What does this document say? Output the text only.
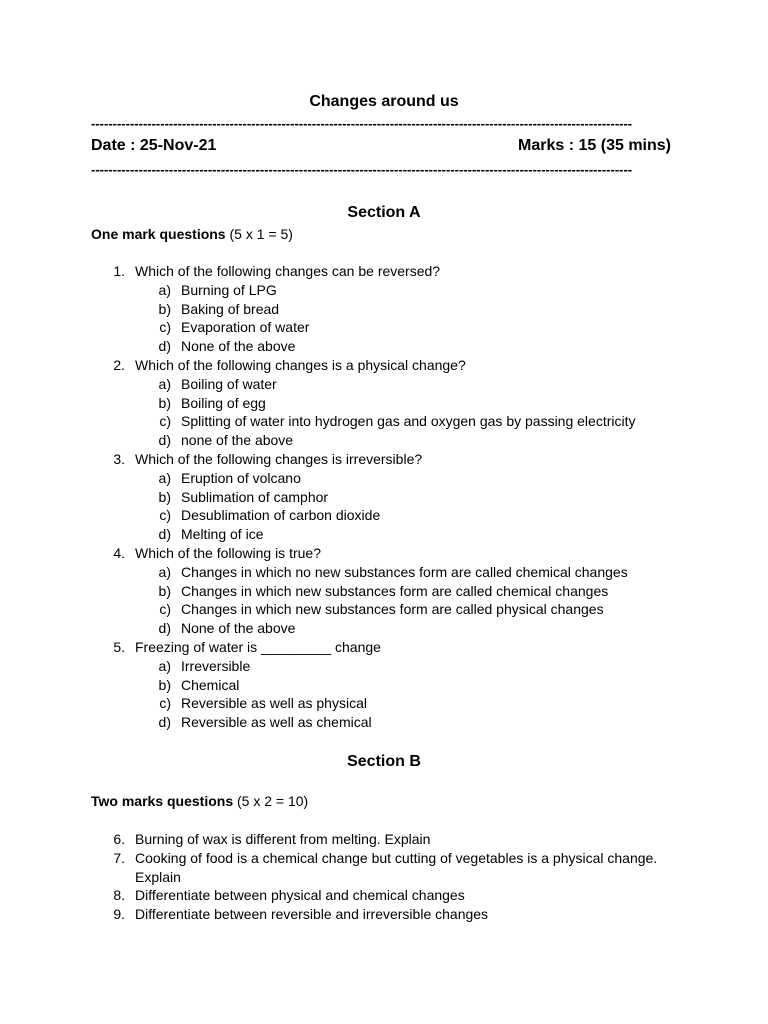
Changes around us
-----------------------------------------------------------------------------------------------------------------------------
Date : 25-Nov-21	Marks : 15 (35 mins)
-----------------------------------------------------------------------------------------------------------------------------
Section A
One mark questions (5 x 1 = 5)
1. Which of the following changes can be reversed?
a) Burning of LPG
b) Baking of bread
c) Evaporation of water
d) None of the above
2. Which of the following changes is a physical change?
a) Boiling of water
b) Boiling of egg
c) Splitting of water into hydrogen gas and oxygen gas by passing electricity
d) none of the above
3. Which of the following changes is irreversible?
a) Eruption of volcano
b) Sublimation of camphor
c) Desublimation of carbon dioxide
d) Melting of ice
4. Which of the following is true?
a) Changes in which no new substances form are called chemical changes
b) Changes in which new substances form are called chemical changes
c) Changes in which new substances form are called physical changes
d) None of the above
5. Freezing of water is _________ change
a) Irreversible
b) Chemical
c) Reversible as well as physical
d) Reversible as well as chemical
Section B
Two marks questions (5 x 2 = 10)
6. Burning of wax is different from melting. Explain
7. Cooking of food is a chemical change but cutting of vegetables is a physical change. Explain
8. Differentiate between physical and chemical changes
9. Differentiate between reversible and irreversible changes
